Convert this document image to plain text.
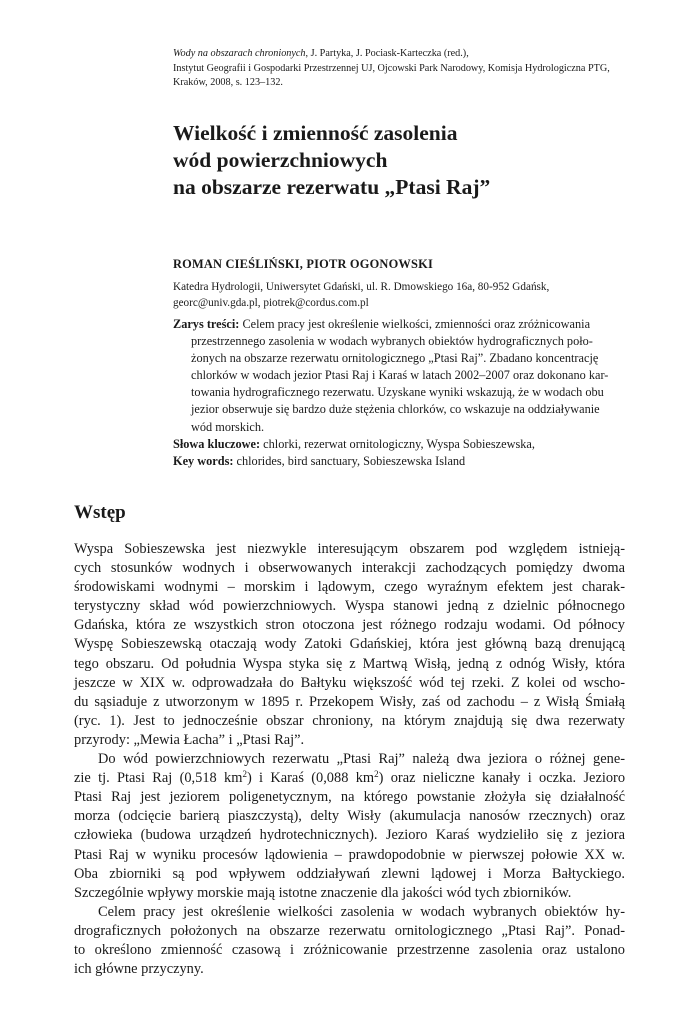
Wody na obszarach chronionych, J. Partyka, J. Pociask-Karteczka (red.),
Instytut Geografii i Gospodarki Przestrzennej UJ, Ojcowski Park Narodowy, Komisja Hydrologiczna PTG,
Kraków, 2008, s. 123–132.
Wielkość i zmienność zasolenia
wód powierzchniowych
na obszarze rezerwatu „Ptasi Raj”
ROMAN CIEŚLIŃSKI, PIOTR OGONOWSKI
Katedra Hydrologii, Uniwersytet Gdański, ul. R. Dmowskiego 16a, 80-952 Gdańsk,
georc@univ.gda.pl, piotrek@cordus.com.pl
Zarys treści: Celem pracy jest określenie wielkości, zmienności oraz zróżnicowania
przestrzennego zasolenia w wodach wybranych obiektów hydrograficznych poło-
żonych na obszarze rezerwatu ornitologicznego „Ptasi Raj”. Zbadano koncentrację
chlorków w wodach jezior Ptasi Raj i Karaś w latach 2002–2007 oraz dokonano kar-
towania hydrograficznego rezerwatu. Uzyskane wyniki wskazują, że w wodach obu
jezior obserwuje się bardzo duże stężenia chlorków, co wskazuje na oddziaływanie
wód morskich.
Słowa kluczowe: chlorki, rezerwat ornitologiczny, Wyspa Sobieszewska,
Key words: chlorides, bird sanctuary, Sobieszewska Island
Wstęp
Wyspa Sobieszewska jest niezwykle interesującym obszarem pod względem istnieją-
cych stosunków wodnych i obserwowanych interakcji zachodzących pomiędzy dwoma
środowiskami wodnymi – morskim i lądowym, czego wyraźnym efektem jest charak-
terystyczny skład wód powierzchniowych. Wyspa stanowi jedną z dzielnic północnego
Gdańska, która ze wszystkich stron otoczona jest różnego rodzaju wodami. Od północy
Wyspę Sobieszewską otaczają wody Zatoki Gdańskiej, która jest główną bazą drenującą
tego obszaru. Od południa Wyspa styka się z Martwą Wisłą, jedną z odnóg Wisły, która
jeszcze w XIX w. odprowadzała do Bałtyku większość wód tej rzeki. Z kolei od wscho-
du sąsiaduje z utworzonym w 1895 r. Przekopem Wisły, zaś od zachodu – z Wisłą Śmiałą
(ryc. 1). Jest to jednocześnie obszar chroniony, na którym znajdują się dwa rezerwaty
przyrody: „Mewia Łacha” i „Ptasi Raj”.
Do wód powierzchniowych rezerwatu „Ptasi Raj” należą dwa jeziora o różnej gene-
zie tj. Ptasi Raj (0,518 $km^2$) i Karaś (0,088 $km^2$) oraz nieliczne kanały i oczka. Jezioro
Ptasi Raj jest jeziorem poligenetycznym, na którego powstanie złożyła się działalność
morza (odcięcie barierą piaszczystą), delty Wisły (akumulacja nanosów rzecznych) oraz
człowieka (budowa urządzeń hydrotechnicznych). Jezioro Karaś wydzieliło się z jeziora
Ptasi Raj w wyniku procesów lądowienia – prawdopodobnie w pierwszej połowie XX w.
Oba zbiorniki są pod wpływem oddziaływań zlewni lądowej i Morza Bałtyckiego.
Szczególnie wpływy morskie mają istotne znaczenie dla jakości wód tych zbiorników.
Celem pracy jest określenie wielkości zasolenia w wodach wybranych obiektów hy-
drograficznych położonych na obszarze rezerwatu ornitologicznego „Ptasi Raj”. Ponad-
to określono zmienność czasową i zróżnicowanie przestrzenne zasolenia oraz ustalono
ich główne przyczyny.
